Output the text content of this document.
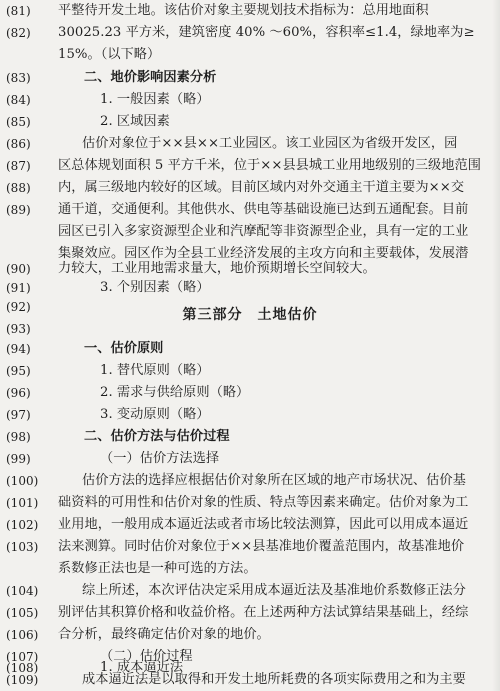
(81)	平整待开发土地。该估价对象主要规划技术指标为：总用地面积
(82)	30025.23 平方米，建筑密度 40% ～60%，容积率≤1.4，绿地率为≥
15%。（以下略）
(83)	二、地价影响因素分析
(84)	1. 一般因素（略）
(85)	2. 区域因素
(86)	估价对象位于××县××工业园区。该工业园区为省级开发区，园
(87)	区总体规划面积 5 平方千米，位于××县县城工业用地级别的三级地范围
(88)	内，属三级地内较好的区域。目前区域内对外交通主干道主要为××交
(89)	通干道，交通便利。其他供水、供电等基础设施已达到五通配套。目前
园区已引入多家资源型企业和汽摩配等非资源型企业，具有一定的工业
集聚效应。园区作为全县工业经济发展的主攻方向和主要载体，发展潜
(90)	力较大，工业用地需求量大，地价预期增长空间较大。
(91)	3. 个别因素（略）
(92)	第三部分　土地估价
(93)
(94)	一、估价原则
(95)	1. 替代原则（略）
(96)	2. 需求与供给原则（略）
(97)	3. 变动原则（略）
(98)	二、估价方法与估价过程
(99)	（一）估价方法选择
(100)	估价方法的选择应根据估价对象所在区域的地产市场状况、估价基
(101)	础资料的可用性和估价对象的性质、特点等因素来确定。估价对象为工
(102)	业用地，一般用成本逼近法或者市场比较法测算，因此可以用成本逼近
(103)	法来测算。同时估价对象位于××县基准地价覆盖范围内，故基准地价
系数修正法也是一种可选的方法。
(104)	综上所述，本次评估决定采用成本逼近法及基准地价系数修正法分
(105)	别评估其积算价格和收益价格。在上述两种方法试算结果基础上，经综
(106)	合分析，最终确定估价对象的地价。
(107)	（二）估价过程
(108)	1. 成本逼近法
(109)	成本逼近法是以取得和开发土地所耗费的各项实际费用之和为主要
